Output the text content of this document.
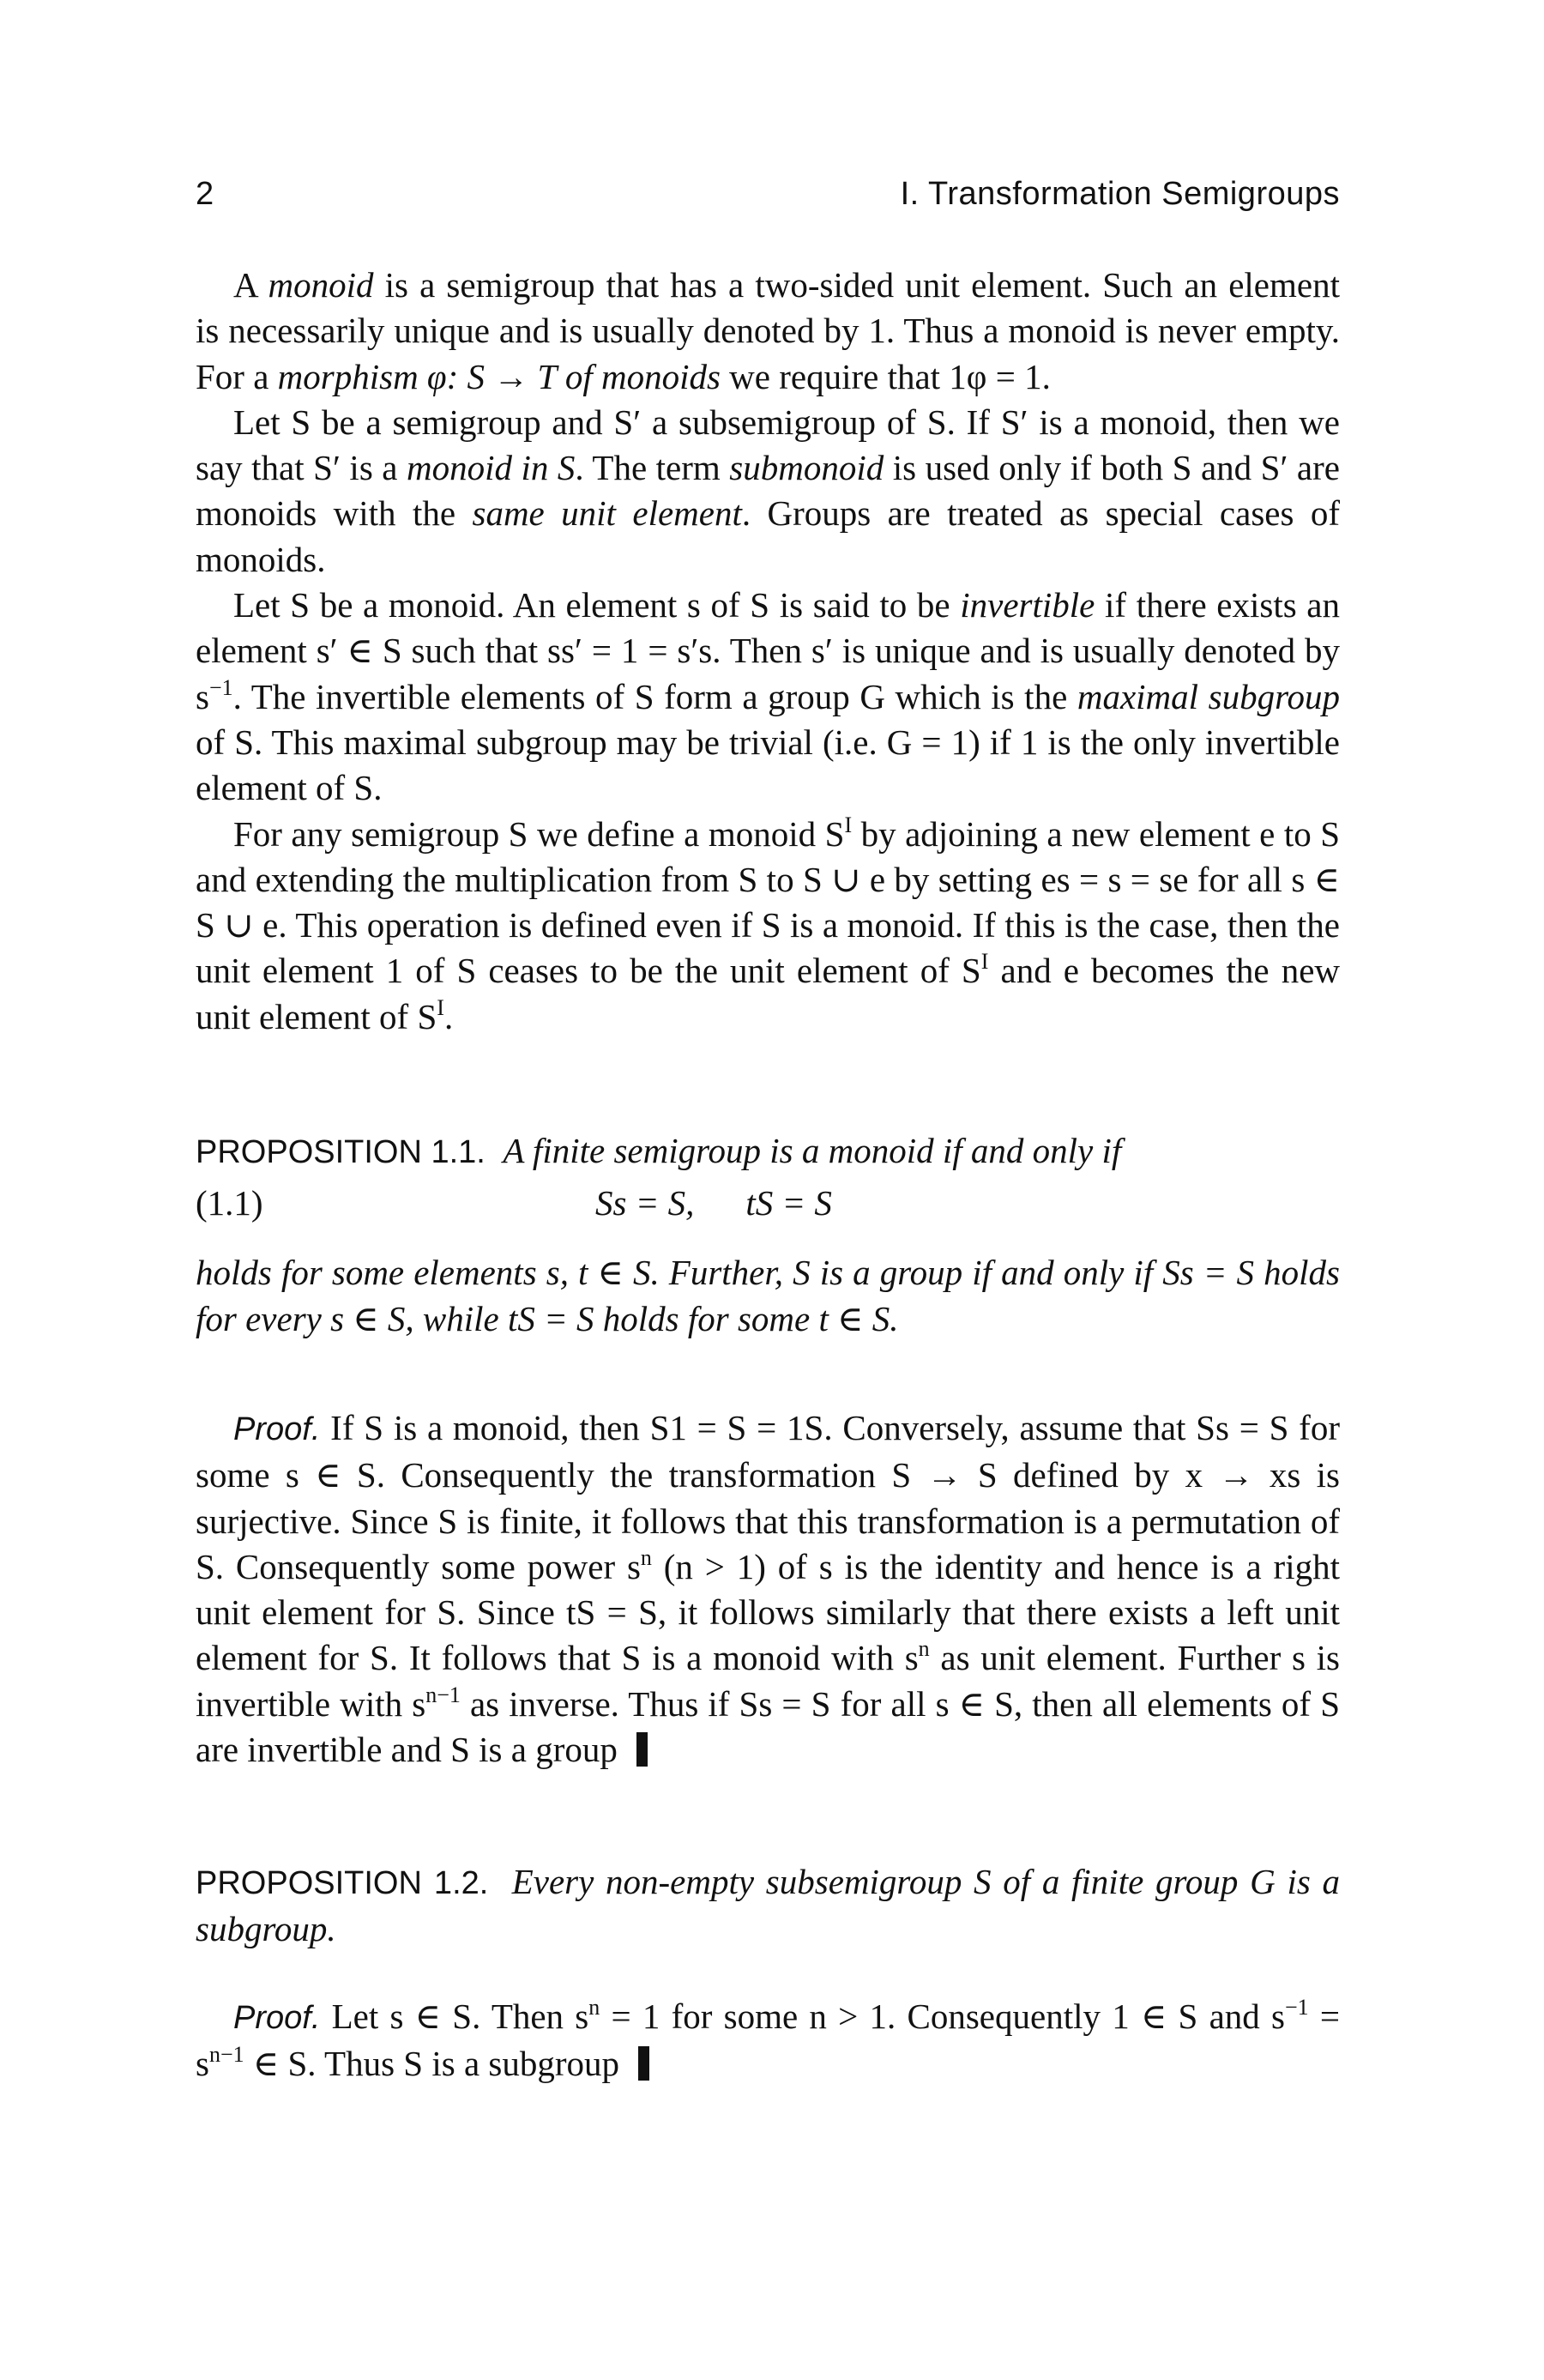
2	I. Transformation Semigroups

A monoid is a semigroup that has a two-sided unit element. Such an element is necessarily unique and is usually denoted by 1. Thus a monoid is never empty. For a morphism φ: S → T of monoids we require that 1φ = 1.

Let S be a semigroup and S′ a subsemigroup of S. If S′ is a monoid, then we say that S′ is a monoid in S. The term submonoid is used only if both S and S′ are monoids with the same unit element. Groups are treated as special cases of monoids.

Let S be a monoid. An element s of S is said to be invertible if there exists an element s′ ∈ S such that ss′ = 1 = s′s. Then s′ is unique and is usually denoted by $s^{-1}$. The invertible elements of S form a group G which is the maximal subgroup of S. This maximal subgroup may be trivial (i.e. G = 1) if 1 is the only invertible element of S.

For any semigroup S we define a monoid $S^I$ by adjoining a new element e to S and extending the multiplication from S to S ∪ e by setting es = s = se for all s ∈ S ∪ e. This operation is defined even if S is a monoid. If this is the case, then the unit element 1 of S ceases to be the unit element of $S^I$ and e becomes the new unit element of $S^I$.

PROPOSITION 1.1. A finite semigroup is a monoid if and only if

(1.1)	Ss = S, tS = S

holds for some elements s, t ∈ S. Further, S is a group if and only if Ss = S holds for every s ∈ S, while tS = S holds for some t ∈ S.

Proof. If S is a monoid, then S1 = S = 1S. Conversely, assume that Ss = S for some s ∈ S. Consequently the transformation S → S defined by x → xs is surjective. Since S is finite, it follows that this transformation is a permutation of S. Consequently some power $s^n$ (n > 1) of s is the identity and hence is a right unit element for S. Since tS = S, it follows similarly that there exists a left unit element for S. It follows that S is a monoid with $s^n$ as unit element. Further s is invertible with $s^{n-1}$ as inverse. Thus if Ss = S for all s ∈ S, then all elements of S are invertible and S is a group

PROPOSITION 1.2. Every non-empty subsemigroup S of a finite group G is a subgroup.

Proof. Let s ∈ S. Then $s^n = 1$ for some n > 1. Consequently 1 ∈ S and $s^{-1} = s^{n-1}$ ∈ S. Thus S is a subgroup
